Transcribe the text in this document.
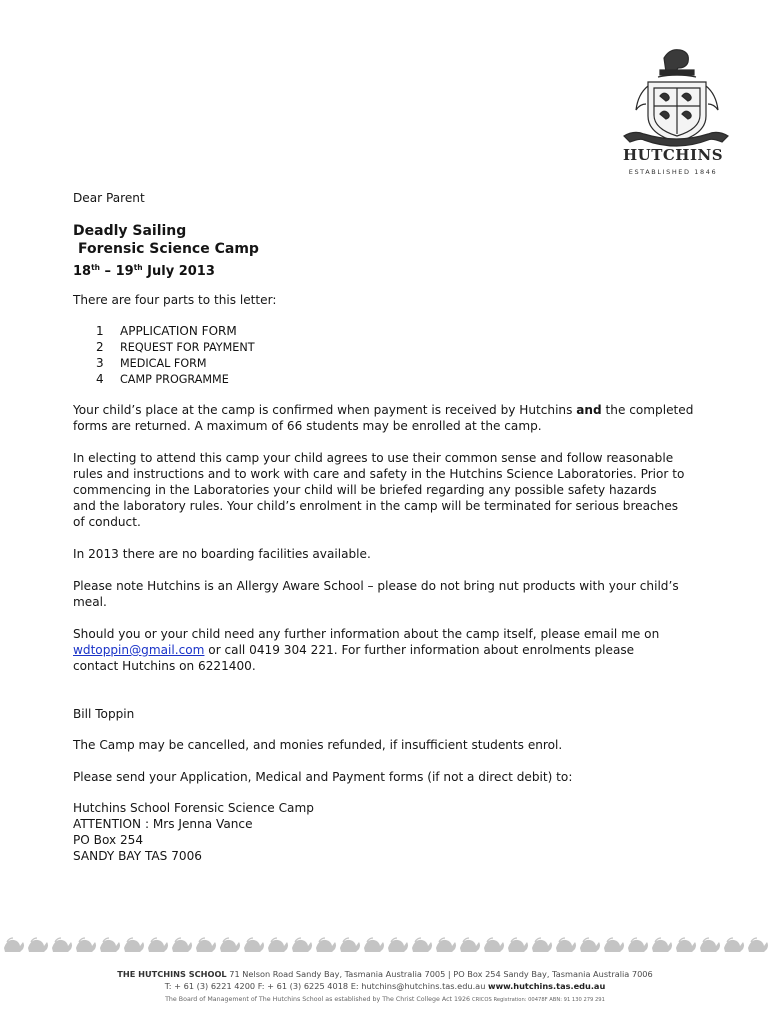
HUTCHINS
ESTABLISHED 1846
Dear Parent
Deadly Sailing
Forensic Science Camp
18th – 19th July 2013
There are four parts to this letter:
1	APPLICATION FORM
2	REQUEST FOR PAYMENT
3	MEDICAL FORM
4	CAMP PROGRAMME
Your child’s place at the camp is confirmed when payment is received by Hutchins and the completed
forms are returned. A maximum of 66 students may be enrolled at the camp.
In electing to attend this camp your child agrees to use their common sense and follow reasonable
rules and instructions and to work with care and safety in the Hutchins Science Laboratories. Prior to
commencing in the Laboratories your child will be briefed regarding any possible safety hazards
and the laboratory rules. Your child’s enrolment in the camp will be terminated for serious breaches
of conduct.
In 2013 there are no boarding facilities available.
Please note Hutchins is an Allergy Aware School – please do not bring nut products with your child’s
meal.
Should you or your child need any further information about the camp itself, please email me on
wdtoppin@gmail.com or call 0419 304 221. For further information about enrolments please
contact Hutchins on 6221400.
Bill Toppin
The Camp may be cancelled, and monies refunded, if insufficient students enrol.
Please send your Application, Medical and Payment forms (if not a direct debit) to:
Hutchins School Forensic Science Camp
ATTENTION : Mrs Jenna Vance
PO Box 254
SANDY BAY TAS 7006
THE HUTCHINS SCHOOL 71 Nelson Road Sandy Bay, Tasmania Australia 7005 | PO Box 254 Sandy Bay, Tasmania Australia 7006
T: + 61 (3) 6221 4200 F: + 61 (3) 6225 4018 E: hutchins@hutchins.tas.edu.au www.hutchins.tas.edu.au
The Board of Management of The Hutchins School as established by The Christ College Act 1926 CRICOS Registration: 00478F ABN: 91 130 279 291
